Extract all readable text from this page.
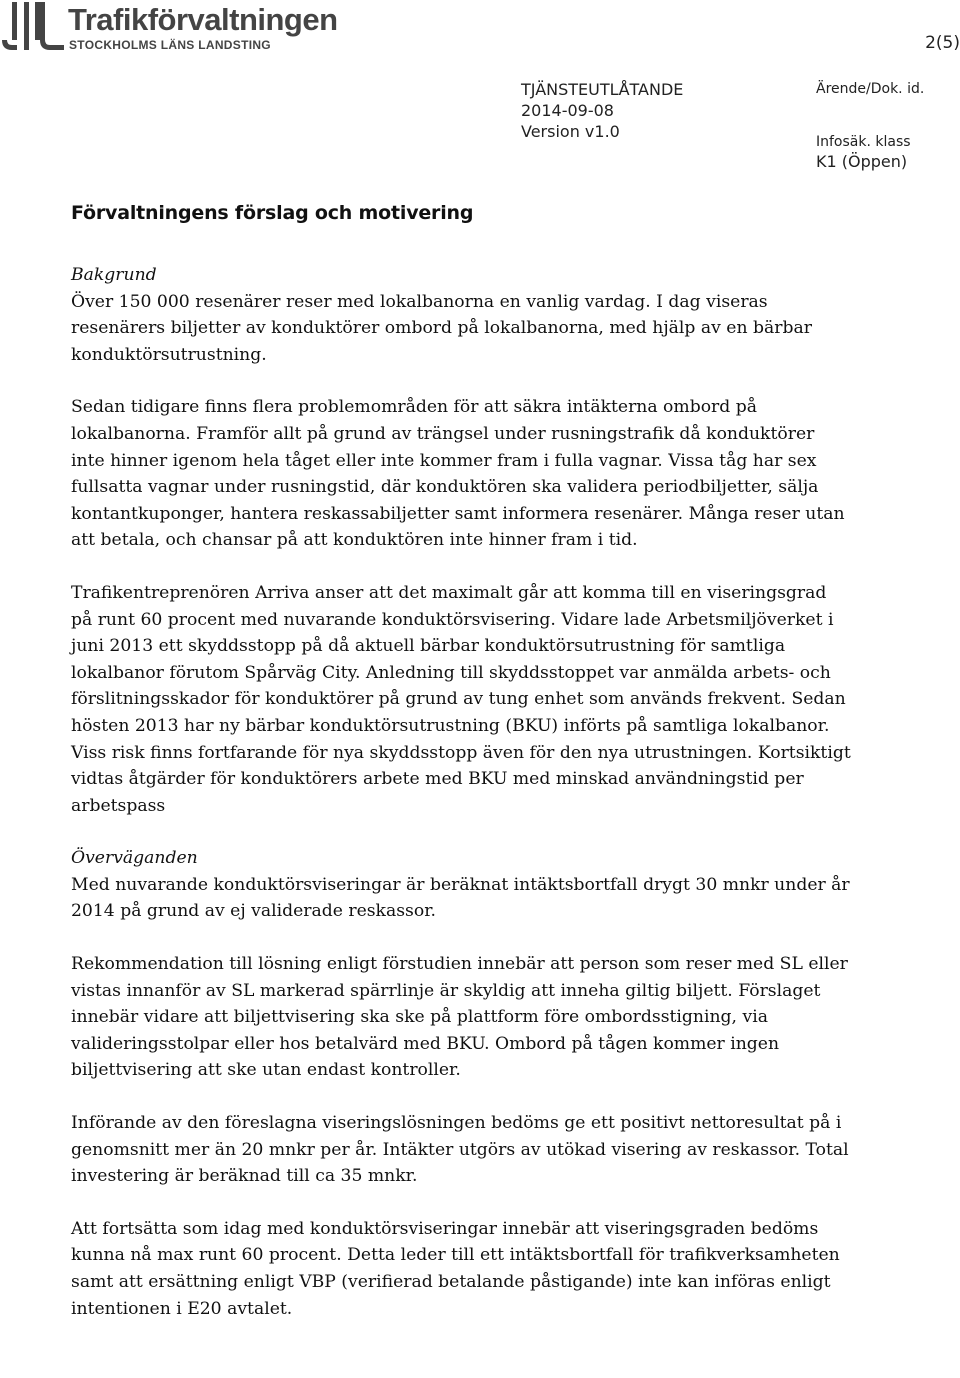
Trafikförvaltningen
STOCKHOLMS LÄNS LANDSTING	2(5)
TJÄNSTEUTLÅTANDE
2014-09-08
Version v1.0
Ärende/Dok. id.
Infosäk. klass
K1 (Öppen)
Förvaltningens förslag och motivering
Bakgrund

Över 150 000 resenärer reser med lokalbanorna en vanlig vardag. I dag viseras resenärers biljetter av konduktörer ombord på lokalbanorna, med hjälp av en bärbar konduktörsutrustning.

Sedan tidigare finns flera problemområden för att säkra intäkterna ombord på lokalbanorna. Framför allt på grund av trängsel under rusningstrafik då konduktörer inte hinner igenom hela tåget eller inte kommer fram i fulla vagnar. Vissa tåg har sex fullsatta vagnar under rusningstid, där konduktören ska validera periodbiljetter, sälja kontantkuponger, hantera reskassabiljetter samt informera resenärer. Många reser utan att betala, och chansar på att konduktören inte hinner fram i tid.

Trafikentreprenören Arriva anser att det maximalt går att komma till en viseringsgrad på runt 60 procent med nuvarande konduktörsvisering. Vidare lade Arbetsmiljöverket i juni 2013 ett skyddsstopp på då aktuell bärbar konduktörsutrustning för samtliga lokalbanor förutom Spårväg City. Anledning till skyddsstoppet var anmälda arbets- och förslitningsskador för konduktörer på grund av tung enhet som används frekvent. Sedan hösten 2013 har ny bärbar konduktörsutrustning (BKU) införts på samtliga lokalbanor. Viss risk finns fortfarande för nya skyddsstopp även för den nya utrustningen. Kortsiktigt vidtas åtgärder för konduktörers arbete med BKU med minskad användningstid per arbetspass

Överväganden

Med nuvarande konduktörsviseringar är beräknat intäktsbortfall drygt 30 mnkr under år 2014 på grund av ej validerade reskassor.

Rekommendation till lösning enligt förstudien innebär att person som reser med SL eller vistas innanför av SL markerad spärrlinje är skyldig att inneha giltig biljett. Förslaget innebär vidare att biljettvisering ska ske på plattform före ombordsstigning, via valideringsstolpar eller hos betalvärd med BKU. Ombord på tågen kommer ingen biljettvisering att ske utan endast kontroller.

Införande av den föreslagna viseringslösningen bedöms ge ett positivt nettoresultat på i genomsnitt mer än 20 mnkr per år. Intäkter utgörs av utökad visering av reskassor. Total investering är beräknad till ca 35 mnkr.

Att fortsätta som idag med konduktörsviseringar innebär att viseringsgraden bedöms kunna nå max runt 60 procent. Detta leder till ett intäktsbortfall för trafikverksamheten samt att ersättning enligt VBP (verifierad betalande påstigande) inte kan införas enligt intentionen i E20 avtalet.
